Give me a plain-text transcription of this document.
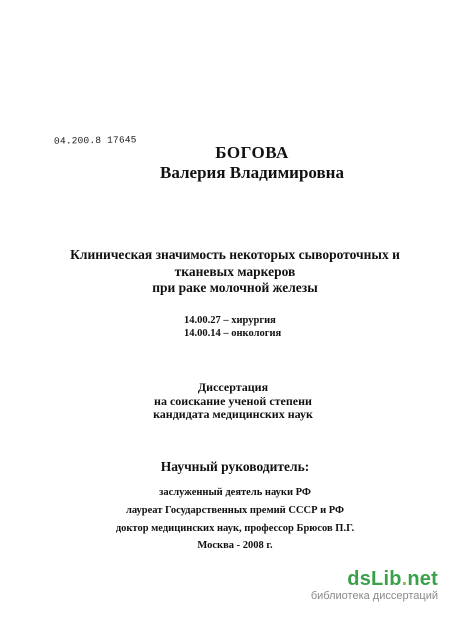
04.200.8 17645
БОГОВА
Валерия Владимировна
Клиническая значимость некоторых сывороточных и
тканевых маркеров
при раке молочной железы
14.00.27 – хирургия
14.00.14 – онкология
Диссертация
на соискание ученой степени
кандидата медицинских наук
Научный руководитель:
заслуженный деятель науки РФ
лауреат Государственных премий СССР и РФ
доктор медицинских наук, профессор Брюсов П.Г.
Москва - 2008 г.
dsLib.net
библиотека диссертаций
